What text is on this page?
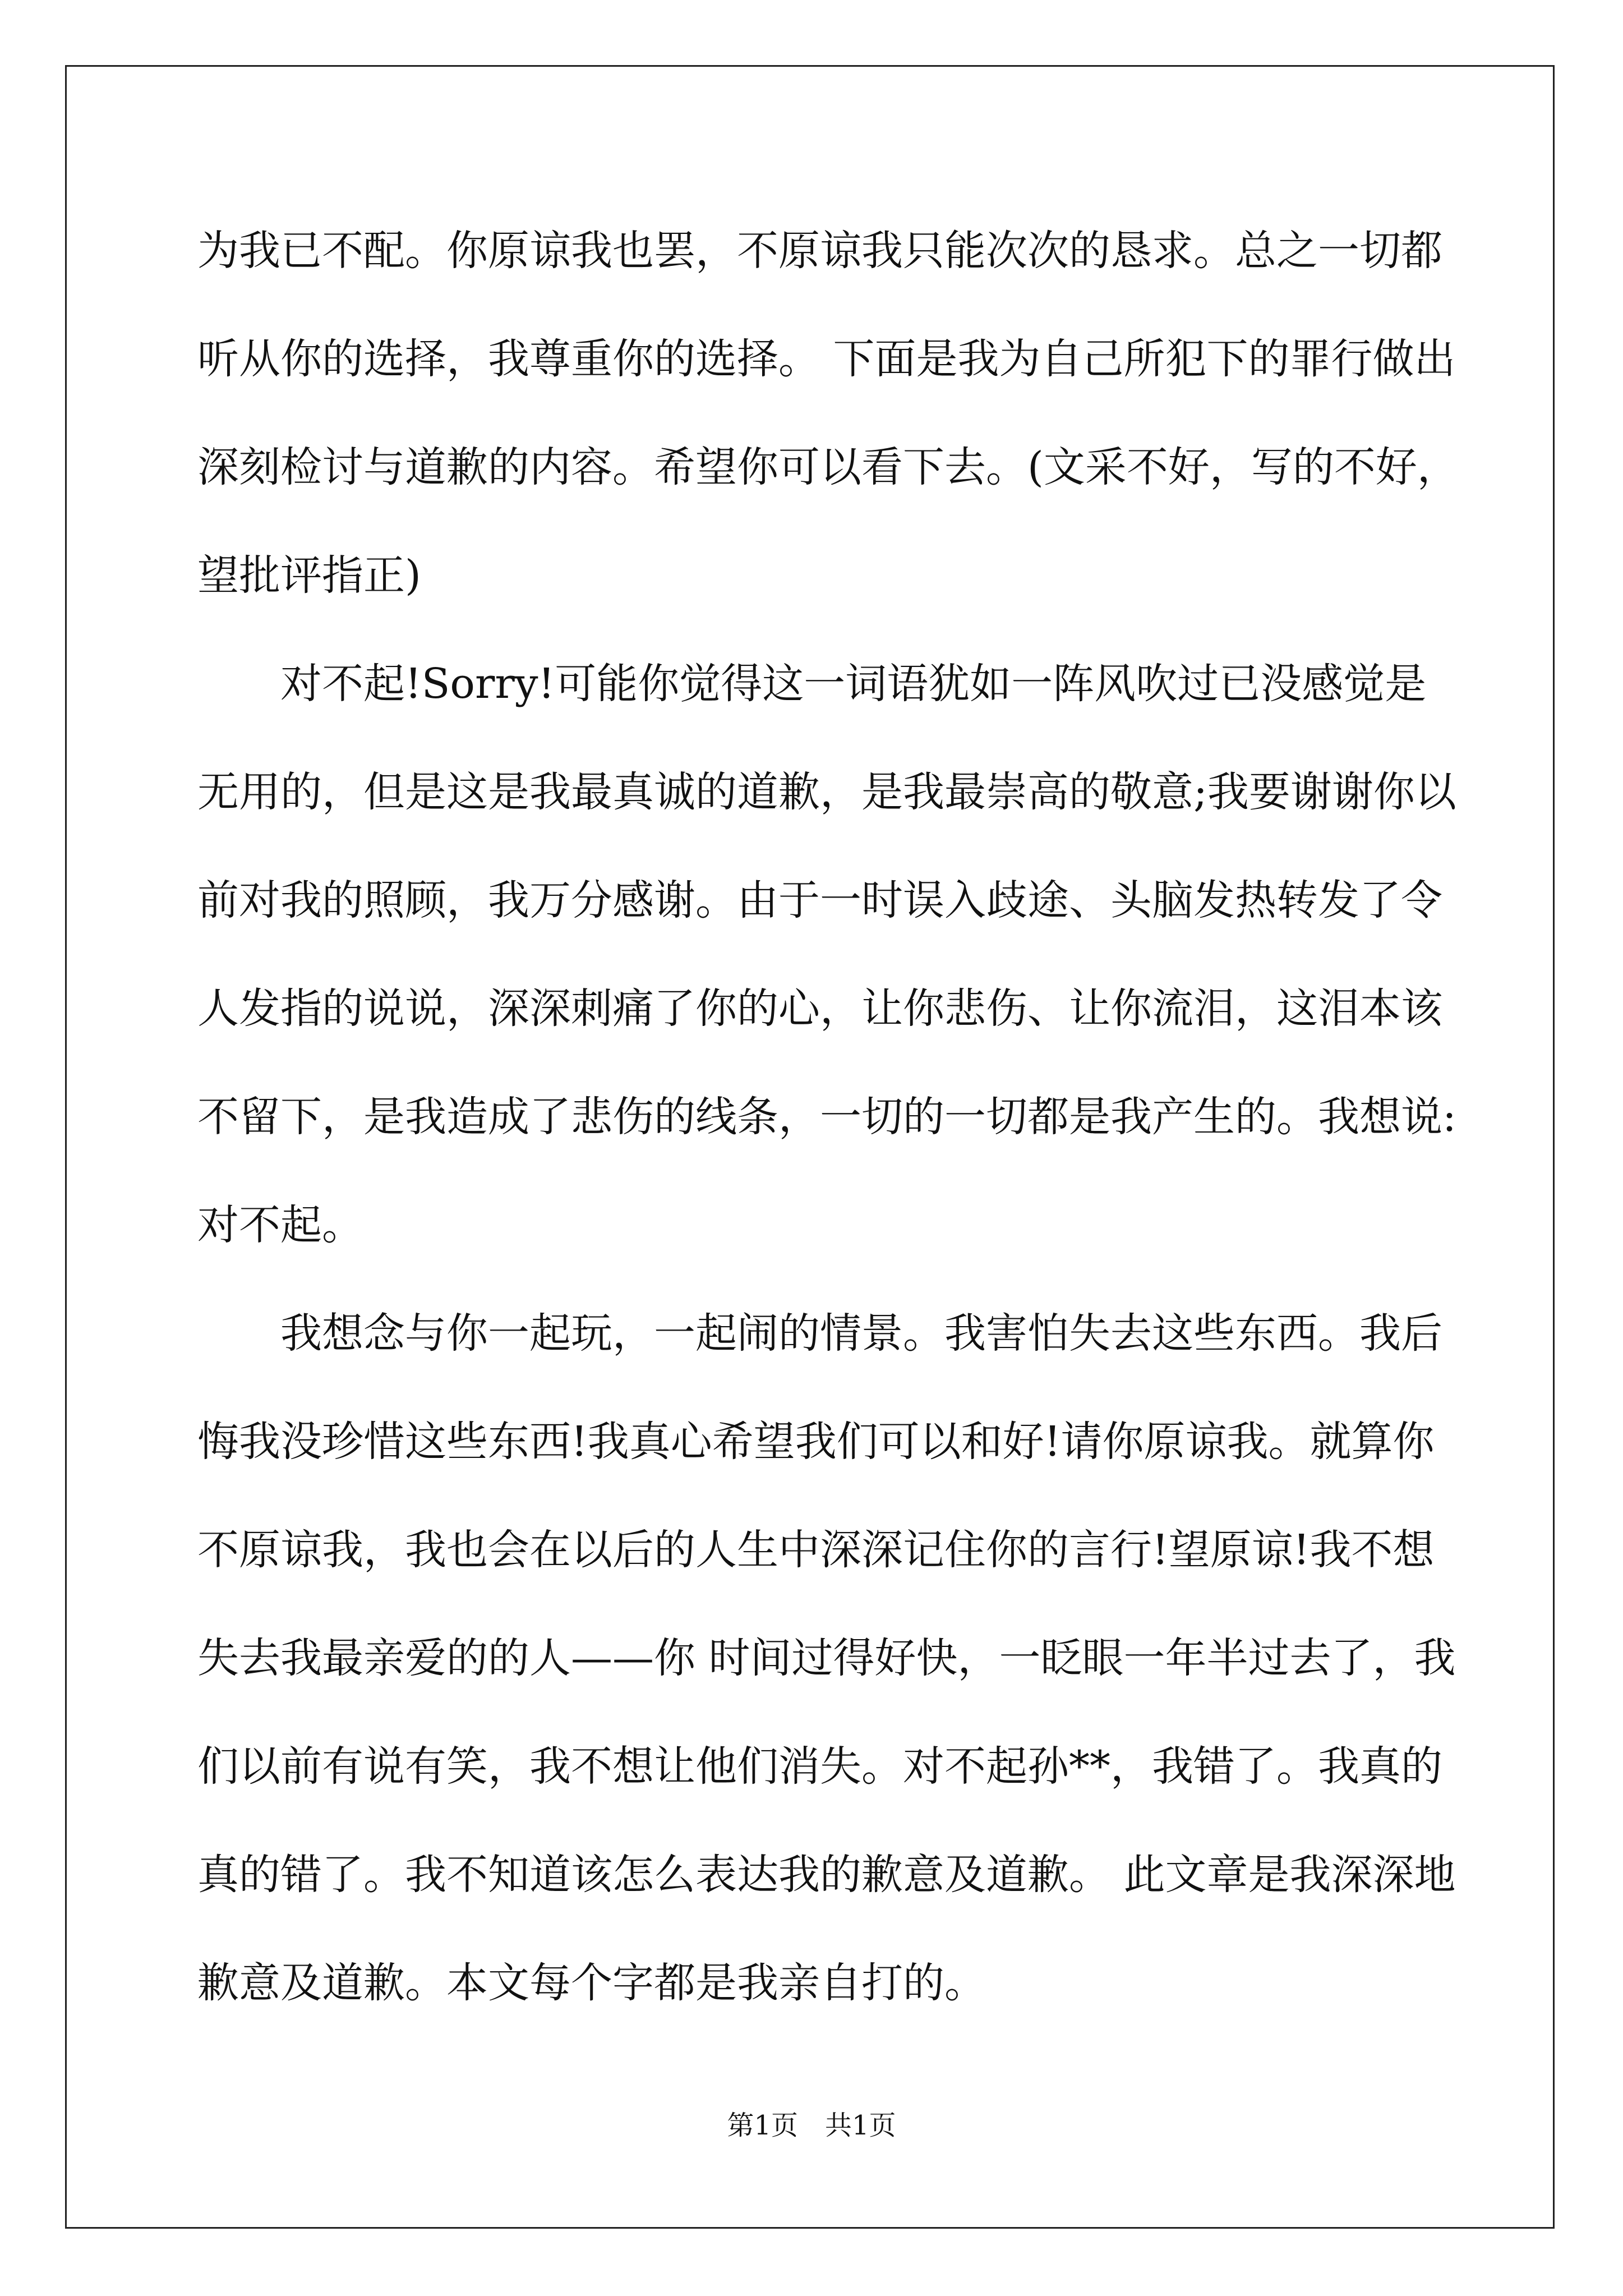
为我已不配。你原谅我也罢，不原谅我只能次次的恳求。总之一切都
听从你的选择，我尊重你的选择。 下面是我为自己所犯下的罪行做出
深刻检讨与道歉的内容。希望你可以看下去。(文采不好，写的不好，
望批评指正)
对不起!Sorry!可能你觉得这一词语犹如一阵风吹过已没感觉是
无用的，但是这是我最真诚的道歉，是我最崇高的敬意;我要谢谢你以
前对我的照顾，我万分感谢。由于一时误入歧途、头脑发热转发了令
人发指的说说，深深刺痛了你的心，让你悲伤、让你流泪，这泪本该
不留下，是我造成了悲伤的线条，一切的一切都是我产生的。我想说:
对不起。
我想念与你一起玩，一起闹的情景。我害怕失去这些东西。我后
悔我没珍惜这些东西!我真心希望我们可以和好!请你原谅我。就算你
不原谅我，我也会在以后的人生中深深记住你的言行!望原谅!我不想
失去我最亲爱的的人——你 时间过得好快，一眨眼一年半过去了，我
们以前有说有笑，我不想让他们消失。对不起孙**，我错了。我真的
真的错了。我不知道该怎么表达我的歉意及道歉。 此文章是我深深地
歉意及道歉。本文每个字都是我亲自打的。
第1页　共1页
